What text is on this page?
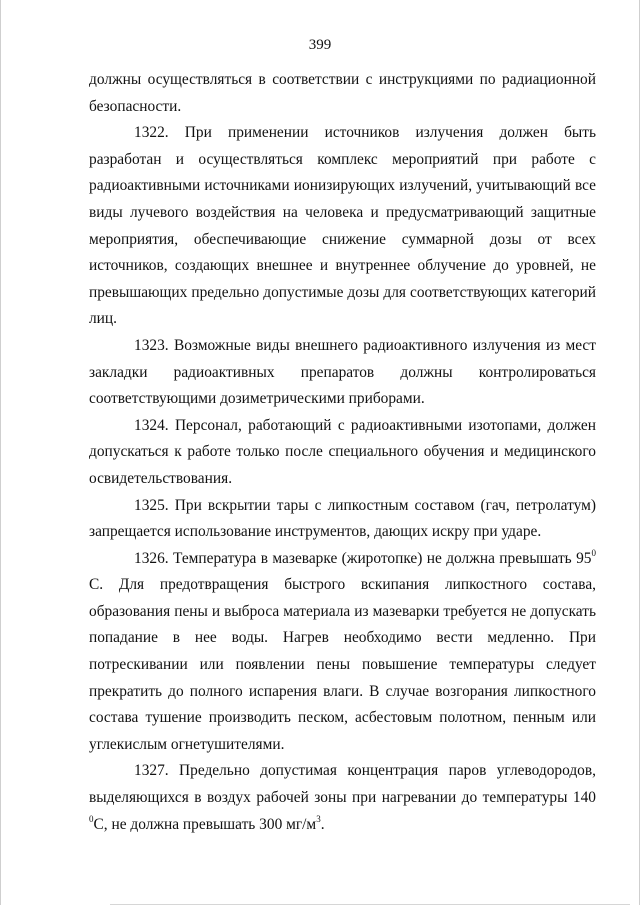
399

должны осуществляться в соответствии с инструкциями по радиационной безопасности.

1322. При применении источников излучения должен быть разработан и осуществляться комплекс мероприятий при работе с радиоактивными источниками ионизирующих излучений, учитывающий все виды лучевого воздействия на человека и предусматривающий защитные мероприятия, обеспечивающие снижение суммарной дозы от всех источников, создающих внешнее и внутреннее облучение до уровней, не превышающих предельно допустимые дозы для соответствующих категорий лиц.

1323. Возможные виды внешнего радиоактивного излучения из мест закладки радиоактивных препаратов должны контролироваться соответствующими дозиметрическими приборами.

1324. Персонал, работающий с радиоактивными изотопами, должен допускаться к работе только после специального обучения и медицинского освидетельствования.

1325. При вскрытии тары с липкостным составом (гач, петролатум) запрещается использование инструментов, дающих искру при ударе.

1326. Температура в мазеварке (жиротопке) не должна превышать $95^0$ С. Для предотвращения быстрого вскипания липкостного состава, образования пены и выброса материала из мазеварки требуется не допускать попадание в нее воды. Нагрев необходимо вести медленно. При потрескивании или появлении пены повышение температуры следует прекратить до полного испарения влаги. В случае возгорания липкостного состава тушение производить песком, асбестовым полотном, пенным или углекислым огнетушителями.

1327. Предельно допустимая концентрация паров углеводородов, выделяющихся в воздух рабочей зоны при нагревании до температуры 140 $^0$С, не должна превышать 300 $мг/м^3$.
